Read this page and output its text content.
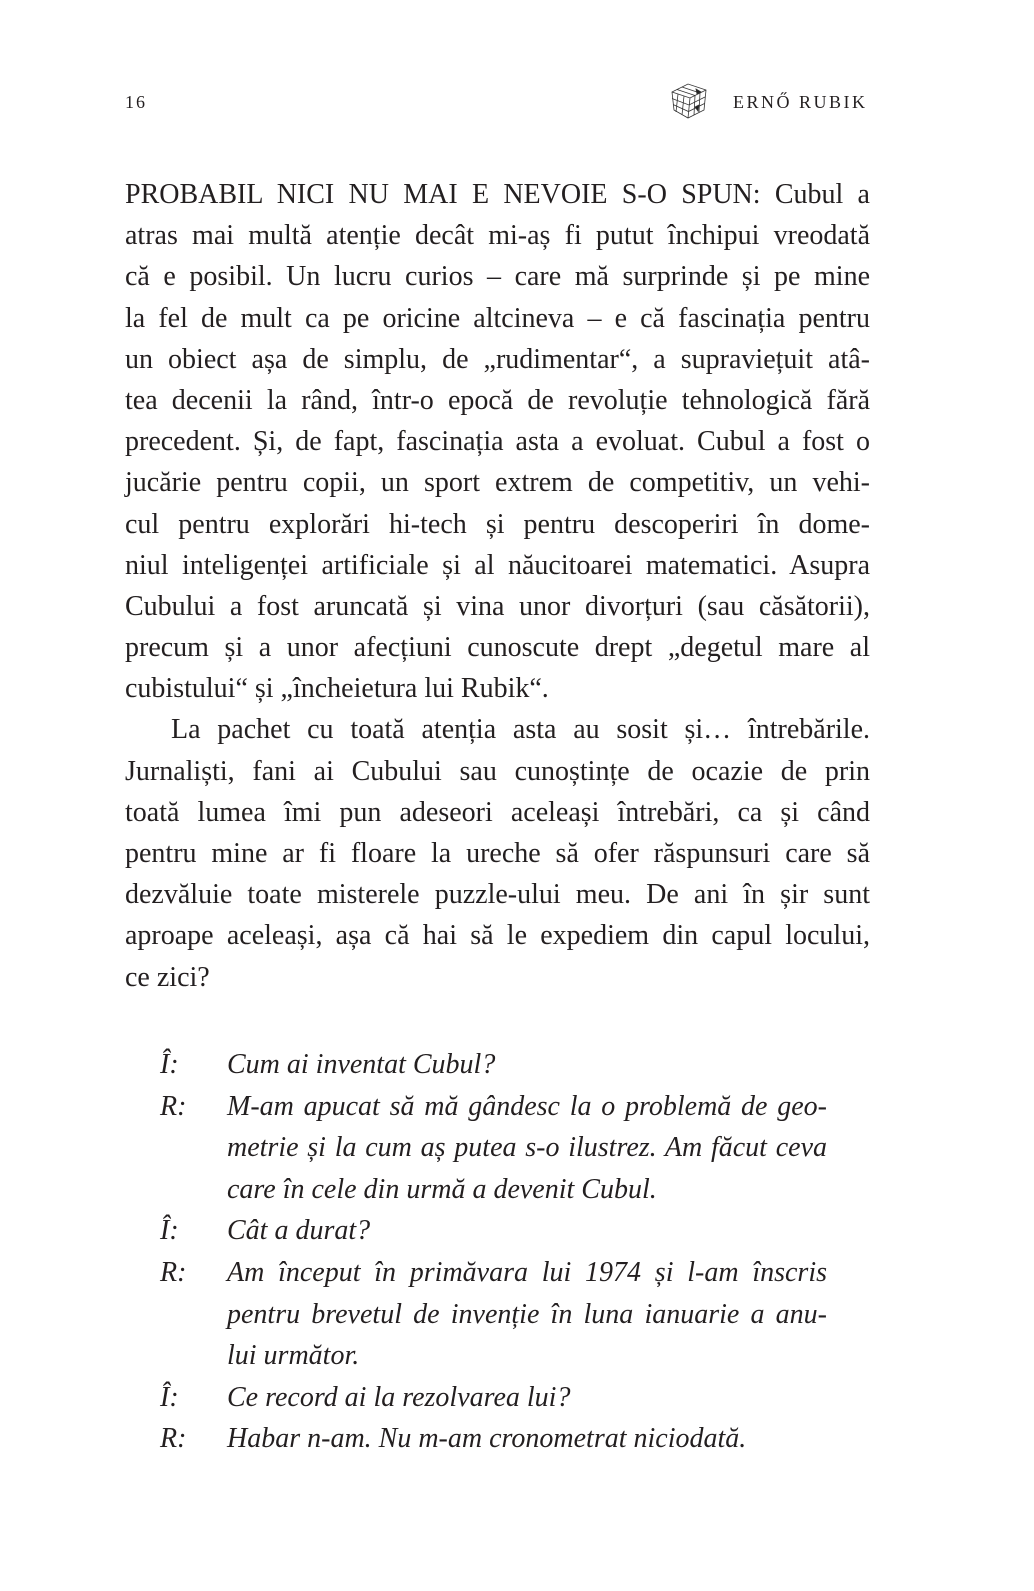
16	ERNŐ RUBIK
PROBABIL NICI NU MAI E NEVOIE S-O SPUN: Cubul a
atras mai multă atenție decât mi-aș fi putut închipui vreodată
că e posibil. Un lucru curios – care mă surprinde și pe mine
la fel de mult ca pe oricine altcineva – e că fascinația pentru
un obiect așa de simplu, de „rudimentar“, a supraviețuit atâ-
tea decenii la rând, într-o epocă de revoluție tehnologică fără
precedent. Și, de fapt, fascinația asta a evoluat. Cubul a fost o
jucărie pentru copii, un sport extrem de competitiv, un vehi-
cul pentru explorări hi-tech și pentru descoperiri în dome-
niul inteligenței artificiale și al năucitoarei matematici. Asupra
Cubului a fost aruncată și vina unor divorțuri (sau căsătorii),
precum și a unor afecțiuni cunoscute drept „degetul mare al
cubistului“ și „încheietura lui Rubik“.
La pachet cu toată atenția asta au sosit și… întrebările.
Jurnaliști, fani ai Cubului sau cunoștințe de ocazie de prin
toată lumea îmi pun adeseori aceleași întrebări, ca și când
pentru mine ar fi floare la ureche să ofer răspunsuri care să
dezvăluie toate misterele puzzle-ului meu. De ani în șir sunt
aproape aceleași, așa că hai să le expediem din capul locului,
ce zici?
Î:	Cum ai inventat Cubul?
R:	M-am apucat să mă gândesc la o problemă de geo-
metrie și la cum aș putea s-o ilustrez. Am făcut ceva
care în cele din urmă a devenit Cubul.
Î:	Cât a durat?
R:	Am început în primăvara lui 1974 și l-am înscris
pentru brevetul de invenție în luna ianuarie a anu-
lui următor.
Î:	Ce record ai la rezolvarea lui?
R:	Habar n-am. Nu m-am cronometrat niciodată.
